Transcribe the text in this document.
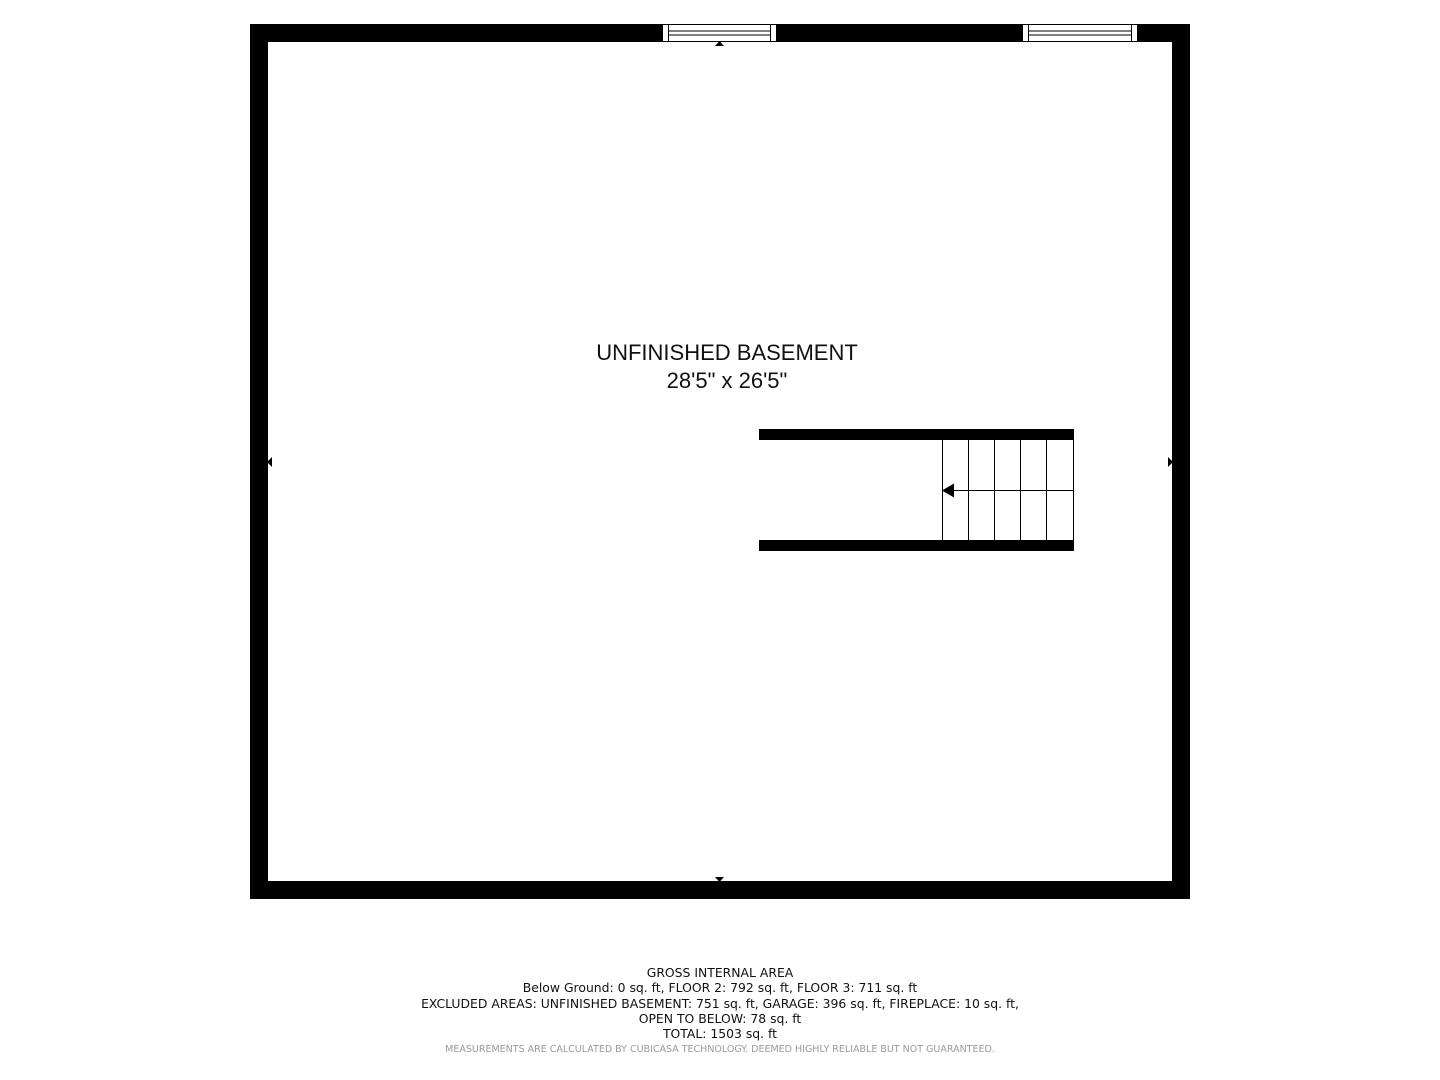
UNFINISHED BASEMENT
28'5" x 26'5"
GROSS INTERNAL AREA
Below Ground: 0 sq. ft, FLOOR 2: 792 sq. ft, FLOOR 3: 711 sq. ft
EXCLUDED AREAS: UNFINISHED BASEMENT: 751 sq. ft, GARAGE: 396 sq. ft, FIREPLACE: 10 sq. ft,
OPEN TO BELOW: 78 sq. ft
TOTAL: 1503 sq. ft
MEASUREMENTS ARE CALCULATED BY CUBICASA TECHNOLOGY. DEEMED HIGHLY RELIABLE BUT NOT GUARANTEED.
